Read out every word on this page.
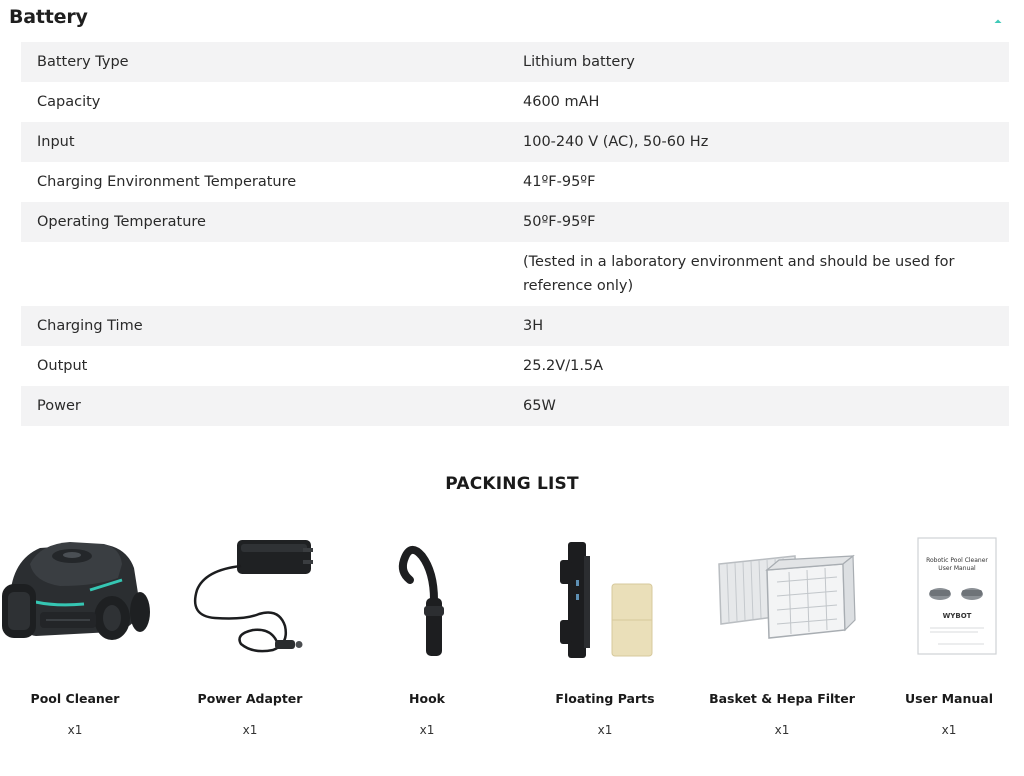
Battery
Battery Type	Lithium battery
Capacity	4600 mAH
Input	100-240 V (AC), 50-60 Hz
Charging Environment Temperature	41ºF-95ºF
Operating Temperature	50ºF-95ºF
(Tested in a laboratory environment and should be used for reference only)
Charging Time	3H
Output	25.2V/1.5A
Power	65W
PACKING LIST
Pool Cleaner
x1
Power Adapter
x1
Hook
x1
Floating Parts
x1
Basket & Hepa Filter
x1
Robotic Pool Cleaner
User Manual
WYBOT
User Manual
x1
